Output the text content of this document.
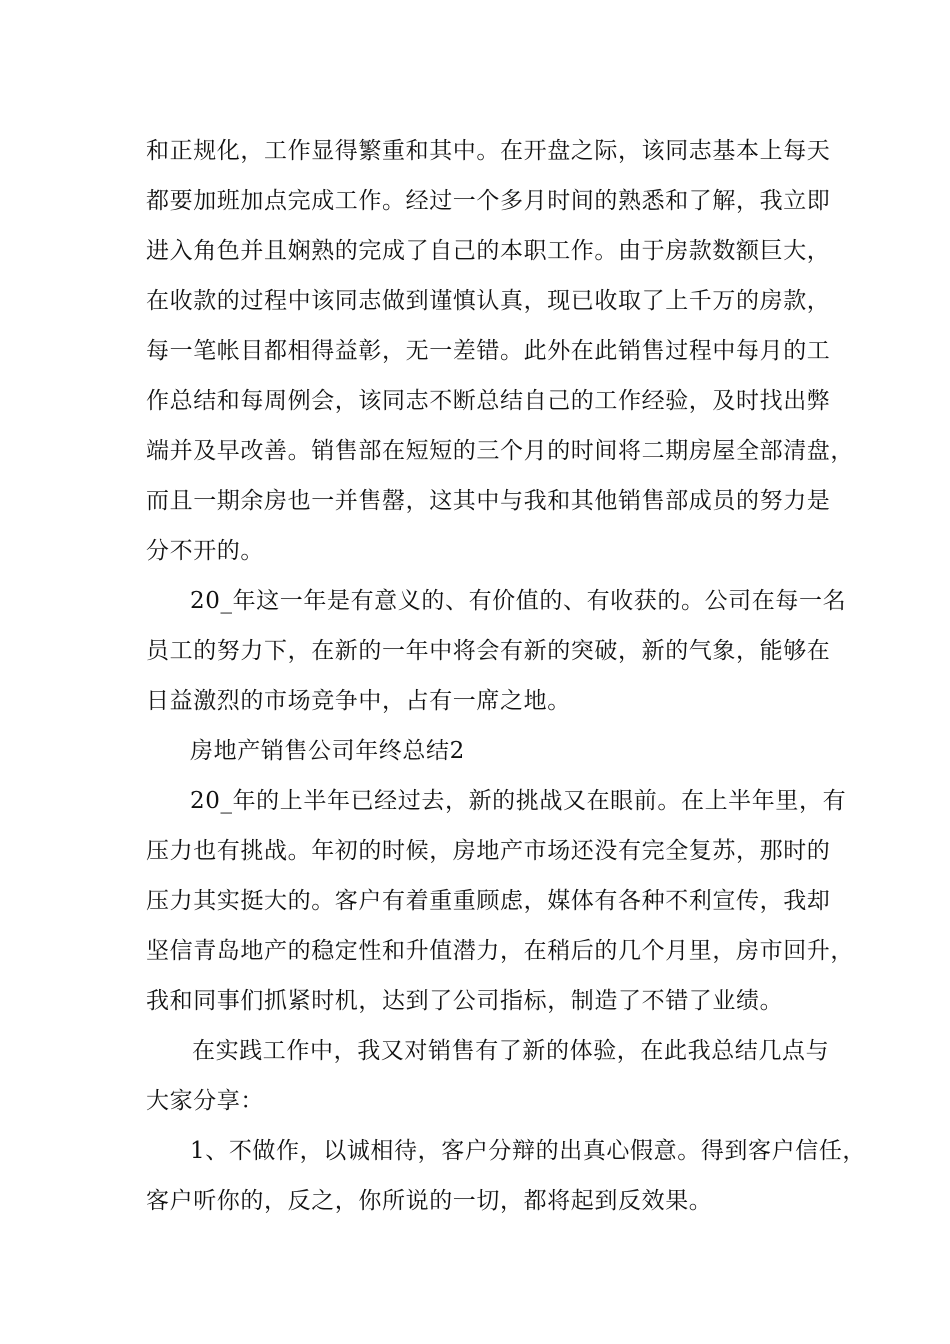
和正规化，工作显得繁重和其中。在开盘之际，该同志基本上每天
都要加班加点完成工作。经过一个多月时间的熟悉和了解，我立即
进入角色并且娴熟的完成了自己的本职工作。由于房款数额巨大，
在收款的过程中该同志做到谨慎认真，现已收取了上千万的房款，
每一笔帐目都相得益彰，无一差错。此外在此销售过程中每月的工
作总结和每周例会，该同志不断总结自己的工作经验，及时找出弊
端并及早改善。销售部在短短的三个月的时间将二期房屋全部清盘，
而且一期余房也一并售罄，这其中与我和其他销售部成员的努力是
分不开的。
20_年这一年是有意义的、有价值的、有收获的。公司在每一名
员工的努力下，在新的一年中将会有新的突破，新的气象，能够在
日益激烈的市场竞争中，占有一席之地。
房地产销售公司年终总结2
20_年的上半年已经过去，新的挑战又在眼前。在上半年里，有
压力也有挑战。年初的时候，房地产市场还没有完全复苏，那时的
压力其实挺大的。客户有着重重顾虑，媒体有各种不利宣传，我却
坚信青岛地产的稳定性和升值潜力，在稍后的几个月里，房市回升，
我和同事们抓紧时机，达到了公司指标，制造了不错了业绩。
在实践工作中，我又对销售有了新的体验，在此我总结几点与
大家分享：
1、不做作，以诚相待，客户分辩的出真心假意。得到客户信任，
客户听你的，反之，你所说的一切，都将起到反效果。
